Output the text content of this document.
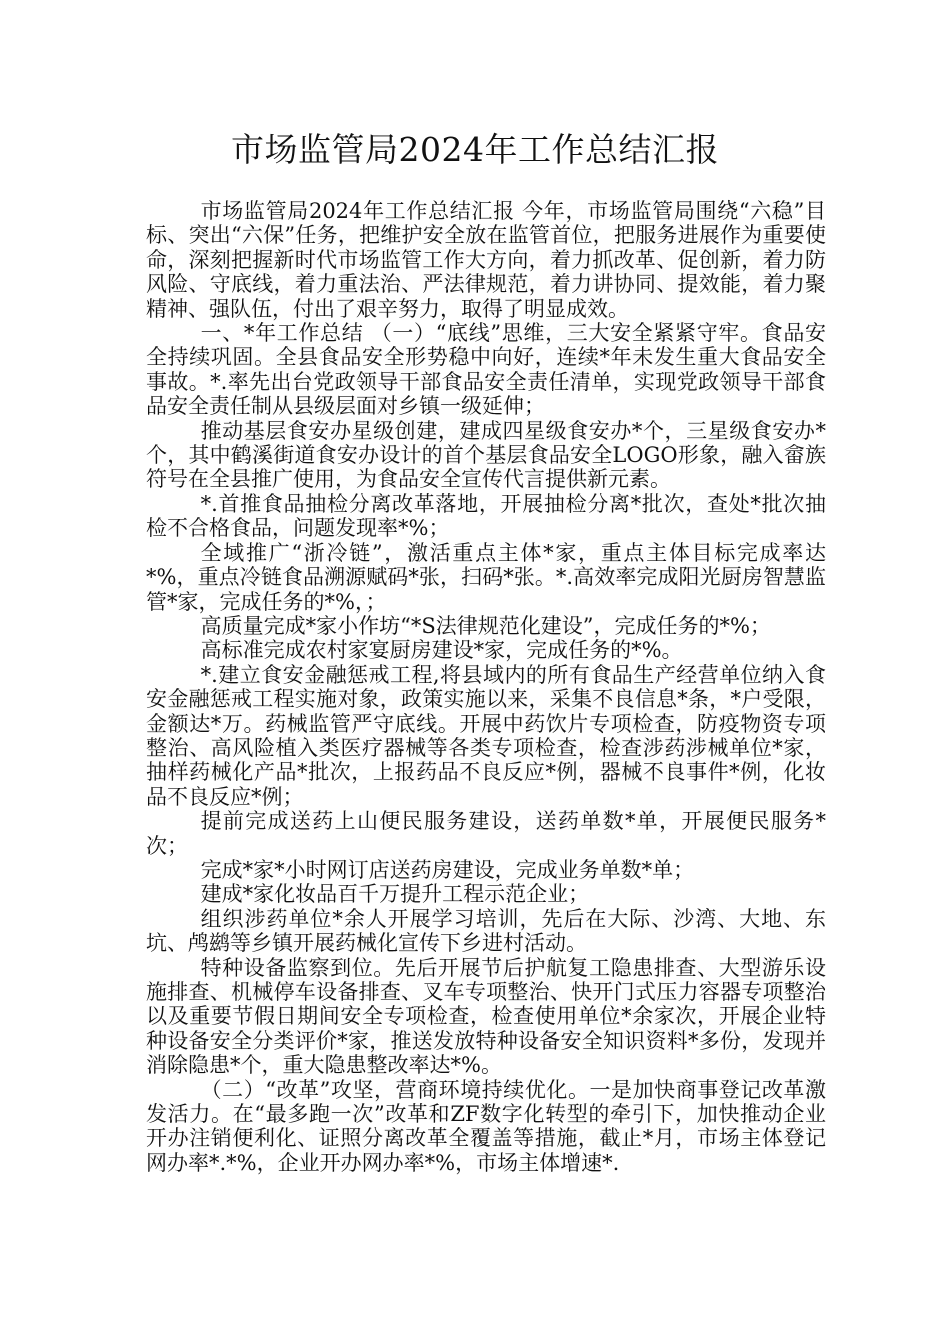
市场监管局2024年工作总结汇报

市场监管局2024年工作总结汇报 今年，市场监管局围绕“六稳”目标、突出“六保”任务，把维护安全放在监管首位，把服务进展作为重要使命，深刻把握新时代市场监管工作大方向，着力抓改革、促创新，着力防风险、守底线，着力重法治、严法律规范，着力讲协同、提效能，着力聚精神、强队伍，付出了艰辛努力，取得了明显成效。

一、*年工作总结 （一）“底线”思维，三大安全紧紧守牢。食品安全持续巩固。全县食品安全形势稳中向好，连续*年未发生重大食品安全事故。*.率先出台党政领导干部食品安全责任清单，实现党政领导干部食品安全责任制从县级层面对乡镇一级延伸；

推动基层食安办星级创建，建成四星级食安办*个，三星级食安办*个，其中鹤溪街道食安办设计的首个基层食品安全LOGO形象，融入畲族符号在全县推广使用，为食品安全宣传代言提供新元素。

*.首推食品抽检分离改革落地，开展抽检分离*批次，查处*批次抽检不合格食品，问题发现率*%；

全域推广“浙冷链”，激活重点主体*家，重点主体目标完成率达*%，重点冷链食品溯源赋码*张，扫码*张。*.高效率完成阳光厨房智慧监管*家，完成任务的*%，；

高质量完成*家小作坊“*S法律规范化建设”，完成任务的*%；

高标准完成农村家宴厨房建设*家，完成任务的*%。

*.建立食安金融惩戒工程,将县域内的所有食品生产经营单位纳入食安金融惩戒工程实施对象，政策实施以来，采集不良信息*条，*户受限，金额达*万。药械监管严守底线。开展中药饮片专项检查，防疫物资专项整治、高风险植入类医疗器械等各类专项检查，检查涉药涉械单位*家，抽样药械化产品*批次，上报药品不良反应*例，器械不良事件*例，化妆品不良反应*例；

提前完成送药上山便民服务建设，送药单数*单，开展便民服务*次；

完成*家*小时网订店送药房建设，完成业务单数*单；

建成*家化妆品百千万提升工程示范企业；

组织涉药单位*余人开展学习培训，先后在大际、沙湾、大地、东坑、鸬鹚等乡镇开展药械化宣传下乡进村活动。

特种设备监察到位。先后开展节后护航复工隐患排查、大型游乐设施排查、机械停车设备排查、叉车专项整治、快开门式压力容器专项整治以及重要节假日期间安全专项检查，检查使用单位*余家次，开展企业特种设备安全分类评价*家，推送发放特种设备安全知识资料*多份，发现并消除隐患*个，重大隐患整改率达*%。

（二）“改革”攻坚，营商环境持续优化。一是加快商事登记改革激发活力。在“最多跑一次”改革和ZF数字化转型的牵引下，加快推动企业开办注销便利化、证照分离改革全覆盖等措施，截止*月，市场主体登记网办率*.*%，企业开办网办率*%，市场主体增速*.
